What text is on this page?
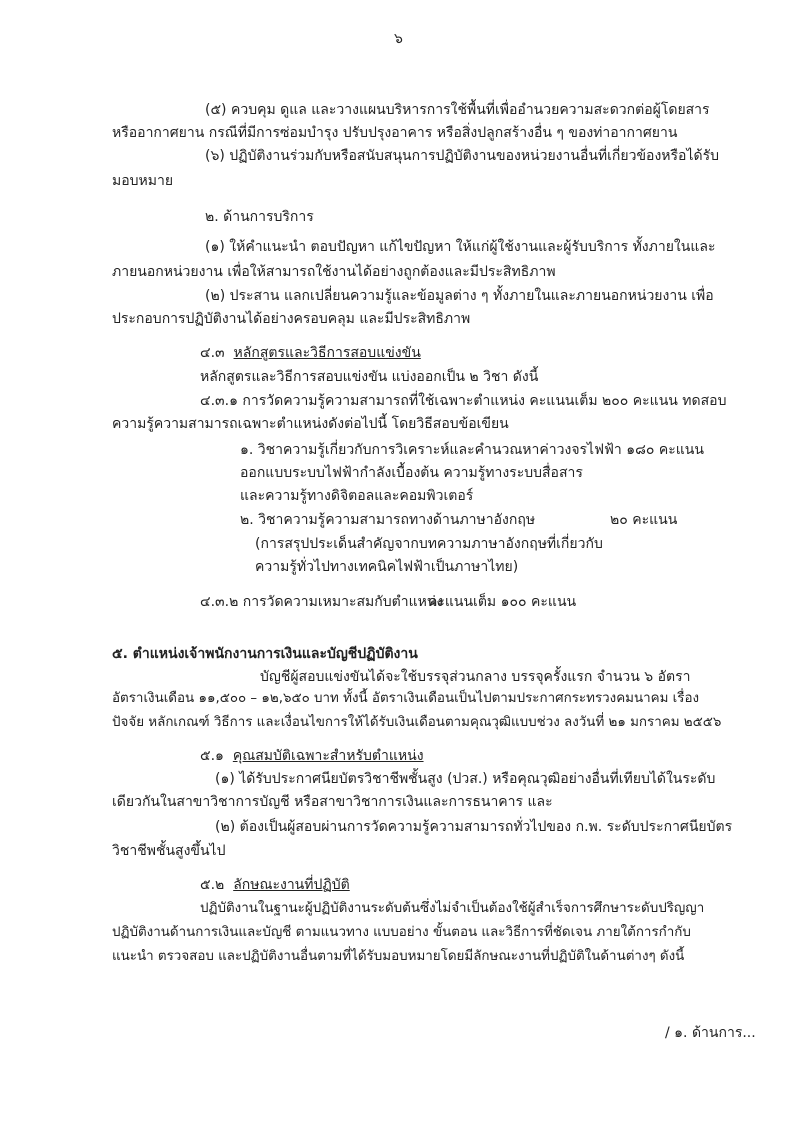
๖
(๕) ควบคุม ดูแล และวางแผนบริหารการใช้พื้นที่เพื่ออำนวยความสะดวกต่อผู้โดยสาร
หรืออากาศยาน กรณีที่มีการซ่อมบำรุง ปรับปรุงอาคาร หรือสิ่งปลูกสร้างอื่น ๆ ของท่าอากาศยาน
(๖) ปฏิบัติงานร่วมกับหรือสนับสนุนการปฏิบัติงานของหน่วยงานอื่นที่เกี่ยวข้องหรือได้รับ
มอบหมาย
๒. ด้านการบริการ
(๑) ให้คำแนะนำ ตอบปัญหา แก้ไขปัญหา ให้แก่ผู้ใช้งานและผู้รับบริการ ทั้งภายในและ
ภายนอกหน่วยงาน เพื่อให้สามารถใช้งานได้อย่างถูกต้องและมีประสิทธิภาพ
(๒) ประสาน แลกเปลี่ยนความรู้และข้อมูลต่าง ๆ ทั้งภายในและภายนอกหน่วยงาน เพื่อ
ประกอบการปฏิบัติงานได้อย่างครอบคลุม และมีประสิทธิภาพ
๔.๓ หลักสูตรและวิธีการสอบแข่งขัน
หลักสูตรและวิธีการสอบแข่งขัน แบ่งออกเป็น ๒ วิชา ดังนี้
๔.๓.๑ การวัดความรู้ความสามารถที่ใช้เฉพาะตำแหน่ง คะแนนเต็ม ๒๐๐ คะแนน ทดสอบ
ความรู้ความสามารถเฉพาะตำแหน่งดังต่อไปนี้ โดยวิธีสอบข้อเขียน
๑. วิชาความรู้เกี่ยวกับการวิเคราะห์และคำนวณหาค่าวงจรไฟฟ้า ๑๘๐ คะแนน
ออกแบบระบบไฟฟ้ากำลังเบื้องต้น ความรู้ทางระบบสื่อสาร
และความรู้ทางดิจิตอลและคอมพิวเตอร์
๒. วิชาความรู้ความสามารถทางด้านภาษาอังกฤษ	๒๐ คะแนน
(การสรุปประเด็นสำคัญจากบทความภาษาอังกฤษที่เกี่ยวกับ
ความรู้ทั่วไปทางเทคนิคไฟฟ้าเป็นภาษาไทย)
๔.๓.๒ การวัดความเหมาะสมกับตำแหน่ง
คะแนนเต็ม ๑๐๐ คะแนน
๕. ตำแหน่งเจ้าพนักงานการเงินและบัญชีปฏิบัติงาน
บัญชีผู้สอบแข่งขันได้จะใช้บรรจุส่วนกลาง บรรจุครั้งแรก จำนวน ๖ อัตรา
อัตราเงินเดือน ๑๑,๕๐๐ – ๑๒,๖๕๐ บาท ทั้งนี้ อัตราเงินเดือนเป็นไปตามประกาศกระทรวงคมนาคม เรื่อง
ปัจจัย หลักเกณฑ์ วิธีการ และเงื่อนไขการให้ได้รับเงินเดือนตามคุณวุฒิแบบช่วง ลงวันที่ ๒๑ มกราคม ๒๕๕๖
๕.๑ คุณสมบัติเฉพาะสำหรับตำแหน่ง
(๑) ได้รับประกาศนียบัตรวิชาชีพชั้นสูง (ปวส.) หรือคุณวุฒิอย่างอื่นที่เทียบได้ในระดับ
เดียวกันในสาขาวิชาการบัญชี หรือสาขาวิชาการเงินและการธนาคาร และ
(๒) ต้องเป็นผู้สอบผ่านการวัดความรู้ความสามารถทั่วไปของ ก.พ. ระดับประกาศนียบัตร
วิชาชีพชั้นสูงขึ้นไป
๕.๒ ลักษณะงานที่ปฏิบัติ
ปฏิบัติงานในฐานะผู้ปฏิบัติงานระดับต้นซึ่งไม่จำเป็นต้องใช้ผู้สำเร็จการศึกษาระดับปริญญา
ปฏิบัติงานด้านการเงินและบัญชี ตามแนวทาง แบบอย่าง ขั้นตอน และวิธีการที่ชัดเจน ภายใต้การกำกับ
แนะนำ ตรวจสอบ และปฏิบัติงานอื่นตามที่ได้รับมอบหมายโดยมีลักษณะงานที่ปฏิบัติในด้านต่างๆ ดังนี้
/ ๑. ด้านการ...
